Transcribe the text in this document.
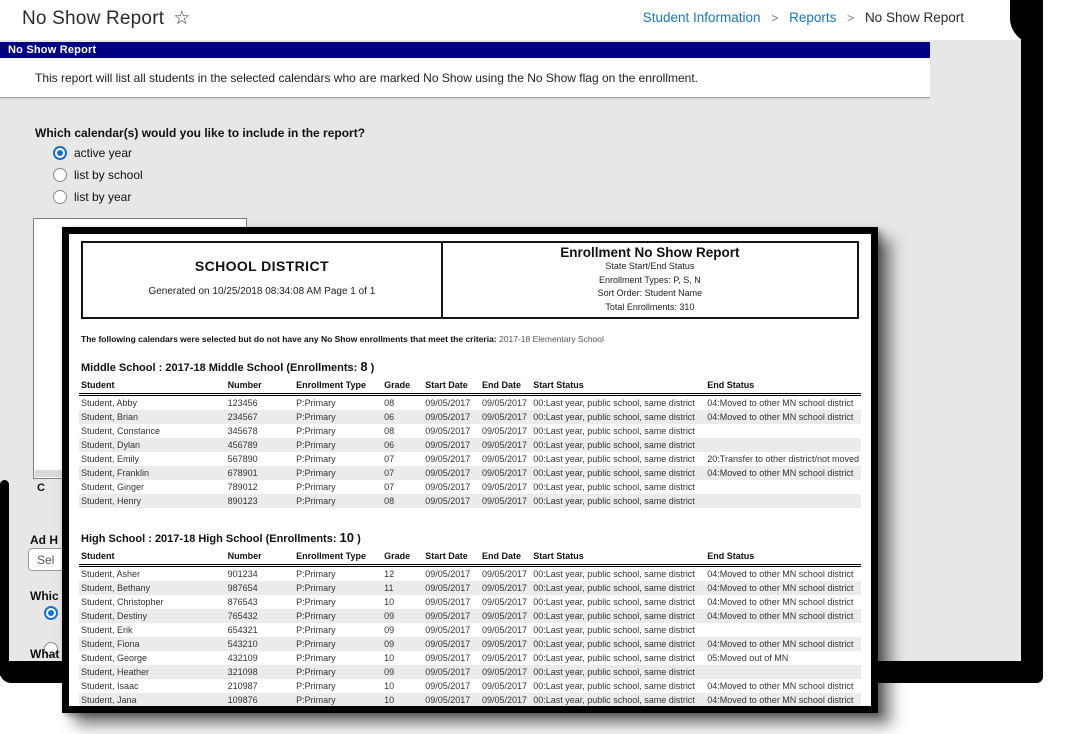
No Show Report ☆	Student Information > Reports > No Show Report
No Show Report
This report will list all students in the selected calendars who are marked No Show using the No Show flag on the enrollment.
Which calendar(s) would you like to include in the report?
active year
list by school
list by year
C
Ad H
Sel
Whic
What
SCHOOL DISTRICT
Generated on 10/25/2018 08:34:08 AM Page 1 of 1
Enrollment No Show Report
State Start/End Status
Enrollment Types: P, S, N
Sort Order: Student Name
Total Enrollments: 310
The following calendars were selected but do not have any No Show enrollments that meet the criteria: 2017-18 Elementary School
Middle School : 2017-18 Middle School (Enrollments: 8 )
Student	Number	Enrollment Type	Grade	Start Date	End Date	Start Status	End Status
Student, Abby	123456	P:Primary	08	09/05/2017	09/05/2017	00:Last year, public school, same district	04:Moved to other MN school district
Student, Brian	234567	P:Primary	06	09/05/2017	09/05/2017	00:Last year, public school, same district	04:Moved to other MN school district
Student, Constance	345678	P:Primary	08	09/05/2017	09/05/2017	00:Last year, public school, same district	
Student, Dylan	456789	P:Primary	06	09/05/2017	09/05/2017	00:Last year, public school, same district	
Student, Emily	567890	P:Primary	07	09/05/2017	09/05/2017	00:Last year, public school, same district	20:Transfer to other district/not moved
Student, Franklin	678901	P:Primary	07	09/05/2017	09/05/2017	00:Last year, public school, same district	04:Moved to other MN school district
Student, Ginger	789012	P:Primary	07	09/05/2017	09/05/2017	00:Last year, public school, same district	
Student, Henry	890123	P:Primary	08	09/05/2017	09/05/2017	00:Last year, public school, same district	
High School : 2017-18 High School (Enrollments: 10 )
Student	Number	Enrollment Type	Grade	Start Date	End Date	Start Status	End Status
Student, Asher	901234	P:Primary	12	09/05/2017	09/05/2017	00:Last year, public school, same district	04:Moved to other MN school district
Student, Bethany	987654	P:Primary	11	09/05/2017	09/05/2017	00:Last year, public school, same district	04:Moved to other MN school district
Student, Christopher	876543	P:Primary	10	09/05/2017	09/05/2017	00:Last year, public school, same district	04:Moved to other MN school district
Student, Destiny	765432	P:Primary	09	09/05/2017	09/05/2017	00:Last year, public school, same district	04:Moved to other MN school district
Student, Erik	654321	P:Primary	09	09/05/2017	09/05/2017	00:Last year, public school, same district	
Student, Fiona	543210	P:Primary	09	09/05/2017	09/05/2017	00:Last year, public school, same district	04:Moved to other MN school district
Student, George	432109	P:Primary	10	09/05/2017	09/05/2017	00:Last year, public school, same district	05:Moved out of MN
Student, Heather	321098	P:Primary	09	09/05/2017	09/05/2017	00:Last year, public school, same district	
Student, Isaac	210987	P:Primary	10	09/05/2017	09/05/2017	00:Last year, public school, same district	04:Moved to other MN school district
Student, Jana	109876	P:Primary	10	09/05/2017	09/05/2017	00:Last year, public school, same district	04:Moved to other MN school district
